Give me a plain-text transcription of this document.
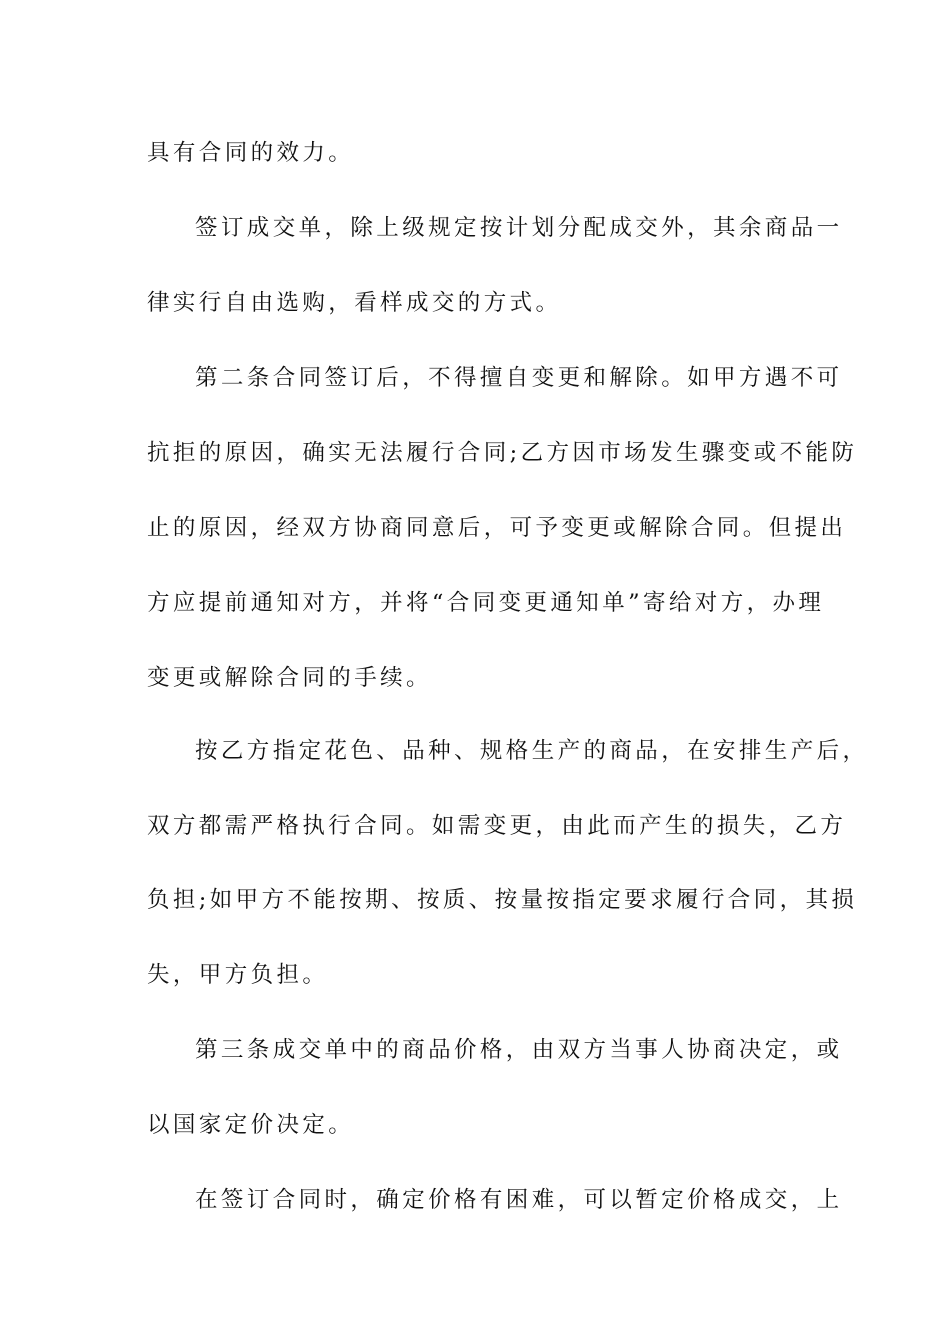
具有合同的效力。
签订成交单，除上级规定按计划分配成交外，其余商品一
律实行自由选购，看样成交的方式。
第二条合同签订后，不得擅自变更和解除。如甲方遇不可
抗拒的原因，确实无法履行合同;乙方因市场发生骤变或不能防
止的原因，经双方协商同意后，可予变更或解除合同。但提出
方应提前通知对方，并将“合同变更通知单”寄给对方，办理
变更或解除合同的手续。
按乙方指定花色、品种、规格生产的商品，在安排生产后，
双方都需严格执行合同。如需变更，由此而产生的损失，乙方
负担;如甲方不能按期、按质、按量按指定要求履行合同，其损
失，甲方负担。
第三条成交单中的商品价格，由双方当事人协商决定，或
以国家定价决定。
在签订合同时，确定价格有困难，可以暂定价格成交，上
